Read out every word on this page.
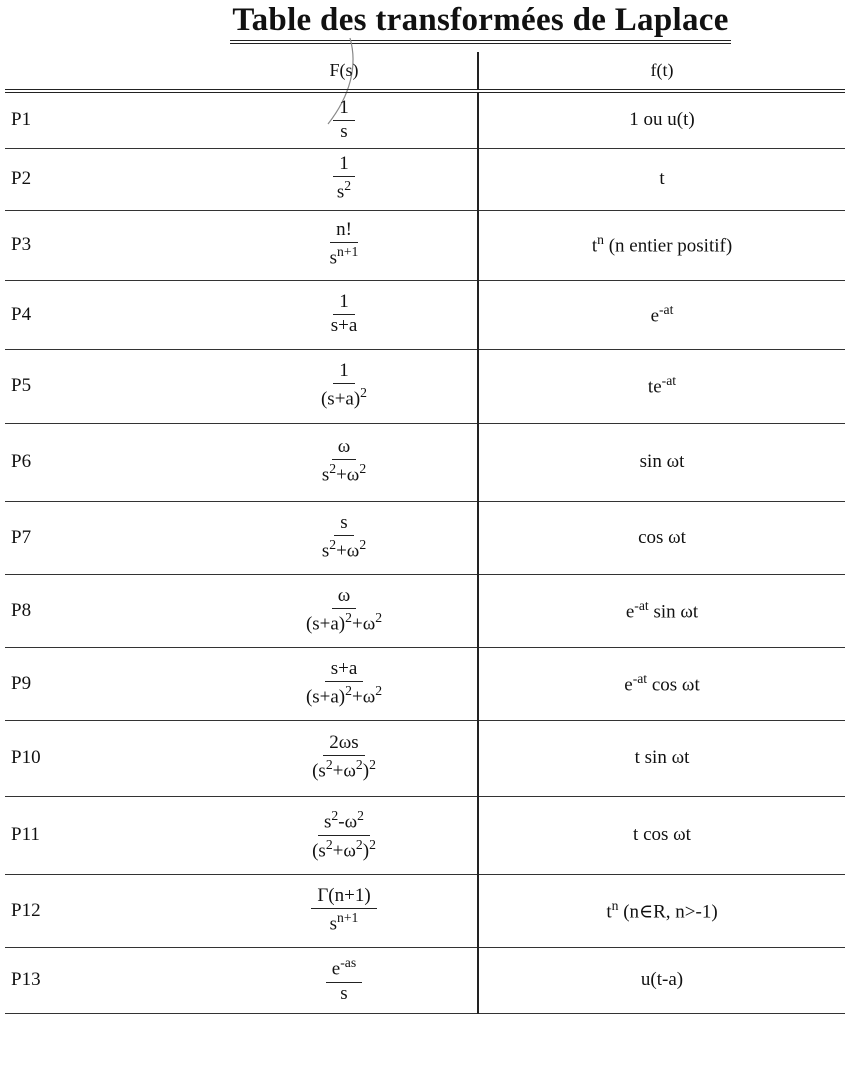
Table des transformées de Laplace
	F(s)	f(t)
P1	$\frac{1}{s}$	1 ou u(t)
P2	$\frac{1}{s^2}$	t
P3	$\frac{n!}{s^{n+1}}$	$t^n$ (n entier positif)
P4	$\frac{1}{s+a}$	$e^{-at}$
P5	$\frac{1}{(s+a)^2}$	$te^{-at}$
P6	$\frac{\omega}{s^2+\omega^2}$	sin ωt
P7	$\frac{s}{s^2+\omega^2}$	cos ωt
P8	$\frac{\omega}{(s+a)^2+\omega^2}$	$e^{-at}$ sin ωt
P9	$\frac{s+a}{(s+a)^2+\omega^2}$	$e^{-at}$ cos ωt
P10	$\frac{2\omega s}{(s^2+\omega^2)^2}$	t sin ωt
P11	$\frac{s^2-\omega^2}{(s^2+\omega^2)^2}$	t cos ωt
P12	$\frac{\Gamma(n+1)}{s^{n+1}}$	$t^n$ (n∈R, n>-1)
P13	$\frac{e^{-as}}{s}$	u(t-a)
